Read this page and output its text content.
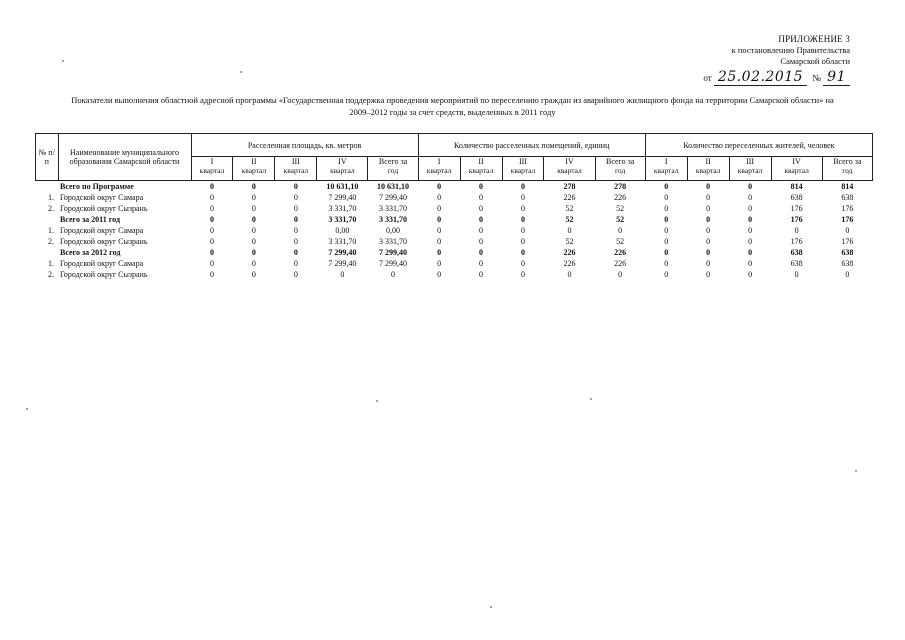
ПРИЛОЖЕНИЕ 3
к постановлению Правительства
Самарской области
от 25.02.2015 № 91
Показатели выполнения областной адресной программы «Государственная поддержка проведения мероприятий по переселению граждан из аварийного жилищного фонда на территории Самарской области» на
2009–2012 годы за счет средств, выделенных в 2011 году
№ п/п	Наименование муниципального образования Самарской области	Расселенная площадь, кв. метров					Количество расселенных помещений, единиц					Количество переселенных жителей, человек				

		I
квартал	II
квартал	III
квартал	IV
квартал	Всего за
год	I
квартал	II
квартал	III
квартал	IV
квартал	Всего за
год	I
квартал	II
квартал	III
квартал	IV
квартал	Всего за
год

	Всего по Программе	0	0	0	10 631,10	10 631,10	0	0	0	278	278	0	0	0	814	814
1.	Городской округ Самара	0	0	0	7 299,40	7 299,40	0	0	0	226	226	0	0	0	638	638
2.	Городской округ Сызрань	0	0	0	3 331,70	3 331,70	0	0	0	52	52	0	0	0	176	176
	Всего за 2011 год	0	0	0	3 331,70	3 331,70	0	0	0	52	52	0	0	0	176	176
1.	Городской округ Самара	0	0	0	0,00	0,00	0	0	0	0	0	0	0	0	0	0
2.	Городской округ Сызрань	0	0	0	3 331,70	3 331,70	0	0	0	52	52	0	0	0	176	176
	Всего за 2012 год	0	0	0	7 299,40	7 299,40	0	0	0	226	226	0	0	0	638	638
1.	Городской округ Самара	0	0	0	7 299,40	7 299,40	0	0	0	226	226	0	0	0	638	638
2.	Городской округ Сызрань	0	0	0	0	0	0	0	0	0	0	0	0	0	0	0
